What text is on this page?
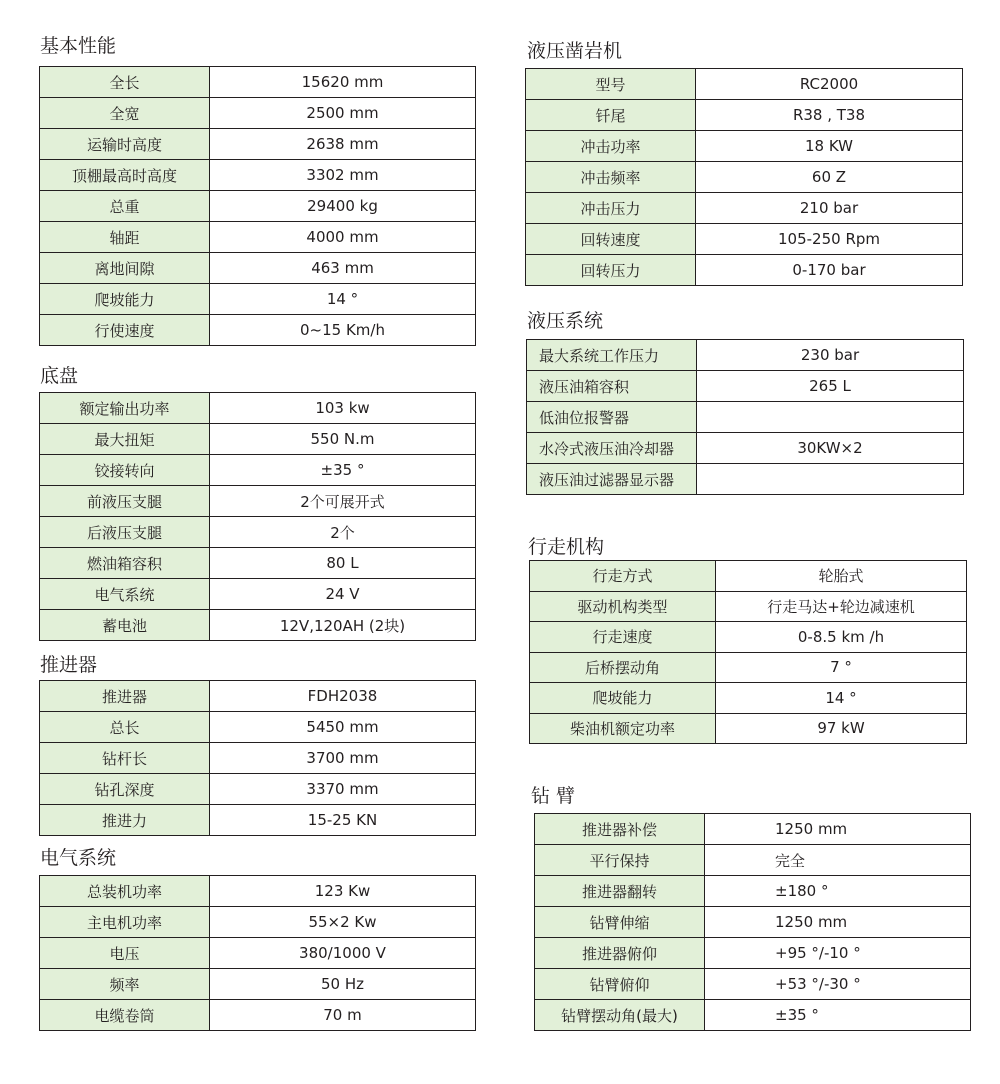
基本性能
全长	15620 mm
全宽	2500 mm
运输时高度	2638 mm
顶棚最高时高度	3302 mm
总重	29400 kg
轴距	4000 mm
离地间隙	463 mm
爬坡能力	14 °
行使速度	0~15 Km/h
底盘
额定输出功率	103 kw
最大扭矩	550 N.m
铰接转向	±35 °
前液压支腿	2个可展开式
后液压支腿	2个
燃油箱容积	80 L
电气系统	24 V
蓄电池	12V,120AH (2块)
推进器
推进器	FDH2038
总长	5450 mm
钻杆长	3700 mm
钻孔深度	3370 mm
推进力	15-25 KN
电气系统
总装机功率	123 Kw
主电机功率	55×2 Kw
电压	380/1000 V
频率	50 Hz
电缆卷筒	70 m
液压凿岩机
型号	RC2000
钎尾	R38 , T38
冲击功率	18 KW
冲击频率	60 Z
冲击压力	210 bar
回转速度	105-250 Rpm
回转压力	0-170 bar
液压系统
最大系统工作压力	230 bar
液压油箱容积	265 L
低油位报警器	
水冷式液压油冷却器	30KW×2
液压油过滤器显示器	
行走机构
行走方式	轮胎式
驱动机构类型	行走马达+轮边减速机
行走速度	0-8.5 km /h
后桥摆动角	7 °
爬坡能力	14 °
柴油机额定功率	97 kW
钻 臂
推进器补偿	1250 mm
平行保持	完全
推进器翻转	±180 °
钻臂伸缩	1250 mm
推进器俯仰	+95 °/-10 °
钻臂俯仰	+53 °/-30 °
钻臂摆动角(最大)	±35 °
